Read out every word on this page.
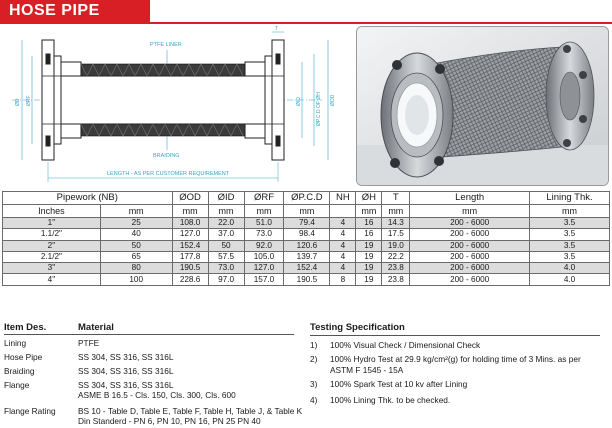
HOSE PIPE
PTFE LINER
BRAIDING
LENGTH - AS PER CUSTOMER REQUIREMENT
T
ØD ØRF	ØID	ØP.C.D OF ØH ØOD
Pipework (NB)		ØOD	ØID	ØRF	ØP.C.D	NH	ØH	T	Length	Lining Thk.
Inches	mm	mm	mm	mm	mm		mm	mm	mm	mm
1"	25	108.0	22.0	51.0	79.4	4	16	14.3	200 - 6000	3.5
1.1/2"	40	127.0	37.0	73.0	98.4	4	16	17.5	200 - 6000	3.5
2"	50	152.4	50	92.0	120.6	4	19	19.0	200 - 6000	3.5
2.1/2"	65	177.8	57.5	105.0	139.7	4	19	22.2	200 - 6000	3.5
3"	80	190.5	73.0	127.0	152.4	4	19	23.8	200 - 6000	4.0
4"	100	228.6	97.0	157.0	190.5	8	19	23.8	200 - 6000	4.0
Item Des.	Material
Lining	PTFE
Hose Pipe	SS 304, SS 316, SS 316L
Braiding	SS 304, SS 316, SS 316L
Flange	SS 304, SS 316, SS 316L
ASME B 16.5 - Cls. 150, Cls. 300, Cls. 600
Flange Rating	BS 10 - Table D, Table E, Table F, Table H, Table J, & Table K
Din Standerd - PN 6, PN 10, PN 16, PN 25 PN 40
Testing Specification
1) 100% Visual Check / Dimensional Check
2) 100% Hydro Test at 29.9 kg/cm²(g) for holding time of 3 Mins. as per ASTM F 1545 - 15A
3) 100% Spark Test at 10 kv after Lining
4) 100% Lining Thk. to be checked.
